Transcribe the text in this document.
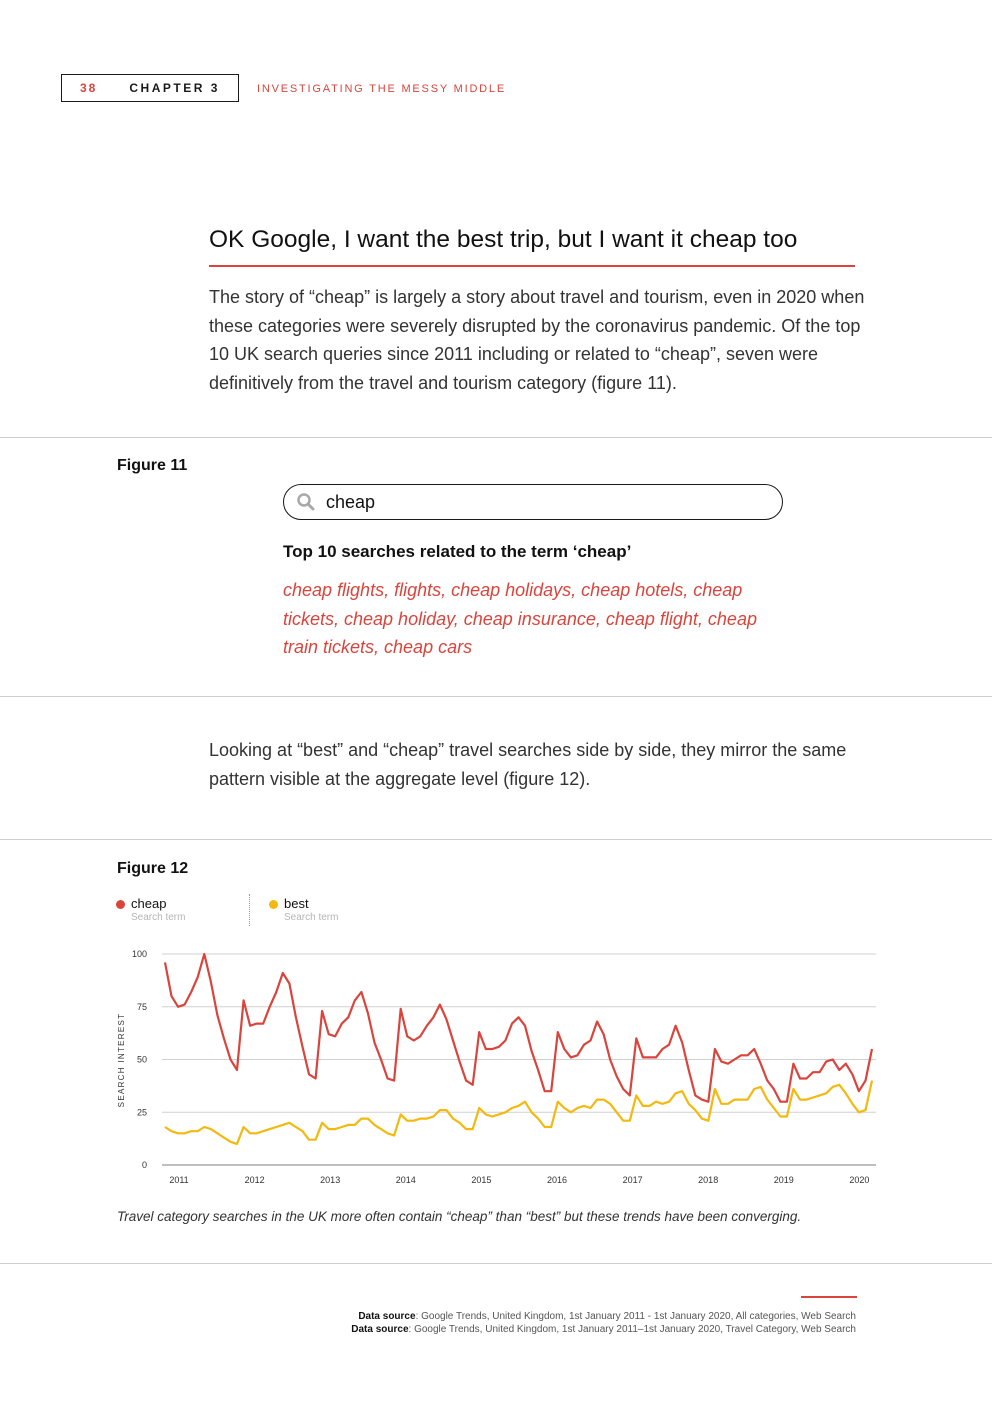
38	CHAPTER 3	INVESTIGATING THE MESSY MIDDLE
OK Google, I want the best trip, but I want it cheap too
The story of “cheap” is largely a story about travel and tourism, even in 2020 when these categories were severely disrupted by the coronavirus pandemic. Of the top 10 UK search queries since 2011 including or related to “cheap”, seven were definitively from the travel and tourism category (figure 11).
Figure 11
cheap
Top 10 searches related to the term ‘cheap’
cheap flights, flights, cheap holidays, cheap hotels, cheap tickets, cheap holiday, cheap insurance, cheap flight, cheap train tickets, cheap cars
Looking at “best” and “cheap” travel searches side by side, they mirror the same pattern visible at the aggregate level (figure 12).
Figure 12
cheap
Search term
best
Search term
0
25
50
75
100
2011	2012	2013	2014	2015	2016	2017	2018	2019	2020
SEARCH INTEREST
Travel category searches in the UK more often contain “cheap” than “best” but these trends have been converging.
Data source: Google Trends, United Kingdom, 1st January 2011 - 1st January 2020, All categories, Web Search
Data source: Google Trends, United Kingdom, 1st January 2011–1st January 2020, Travel Category, Web Search
